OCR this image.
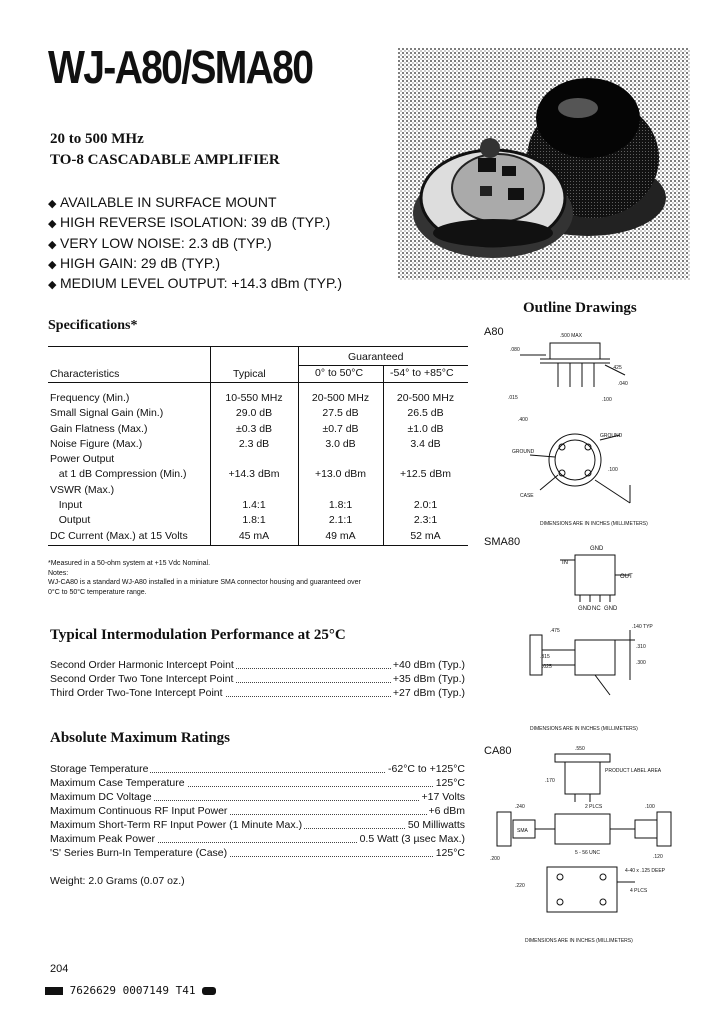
WJ-A80/SMA80
20 to 500 MHz
TO-8 CASCADABLE AMPLIFIER
◆ AVAILABLE IN SURFACE MOUNT
◆ HIGH REVERSE ISOLATION: 39 dB (TYP.)
◆ VERY LOW NOISE: 2.3 dB (TYP.)
◆ HIGH GAIN: 29 dB (TYP.)
◆ MEDIUM LEVEL OUTPUT: +14.3 dBm (TYP.)
Specifications*
Guaranteed
Characteristics	Typical	0° to 50°C	-54° to +85°C
Frequency (Min.)	10-550 MHz	20-500 MHz	20-500 MHz
Small Signal Gain (Min.)	29.0 dB	27.5 dB	26.5 dB
Gain Flatness (Max.)	±0.3 dB	±0.7 dB	±1.0 dB
Noise Figure (Max.)	2.3 dB	3.0 dB	3.4 dB
Power Output			
at 1 dB Compression (Min.)	+14.3 dBm	+13.0 dBm	+12.5 dBm
VSWR (Max.)			
Input	1.4:1	1.8:1	2.0:1
Output	1.8:1	2.1:1	2.3:1
DC Current (Max.) at 15 Volts	45 mA	49 mA	52 mA
*Measured in a 50-ohm system at +15 Vdc Nominal.
Notes:
WJ-CA80 is a standard WJ-A80 installed in a miniature SMA connector housing and guaranteed over
0°C to 50°C temperature range.
Typical Intermodulation Performance at 25°C
Second Order Harmonic Intercept Point	+40 dBm (Typ.)
Second Order Two Tone Intercept Point	+35 dBm (Typ.)
Third Order Two-Tone Intercept Point	+27 dBm (Typ.)
Absolute Maximum Ratings
Storage Temperature	-62°C to +125°C
Maximum Case Temperature	125°C
Maximum DC Voltage	+17 Volts
Maximum Continuous RF Input Power	+6 dBm
Maximum Short-Term RF Input Power (1 Minute Max.)	50 Milliwatts
Maximum Peak Power	0.5 Watt (3 µsec Max.)
'S' Series Burn-In Temperature (Case)	125°C
Weight: 2.0 Grams (0.07 oz.)
Outline Drawings
A80	.500 MAX
.080
.425
.040
.015	.100
.400
GROUND
GROUND
.100
CASE
DIMENSIONS ARE IN INCHES (MILLIMETERS)
SMA80
GND
IN
OUT
GND NC GND
.475
.140 TYP
.315
.025
.310
.300
DIMENSIONS ARE IN INCHES (MILLIMETERS)
CA80	.550
PRODUCT LABEL AREA
.170
.240
SMA
2 PLCS	.100
5 - 56 UNC
.200	.120
.220
4-40 x .125 DEEP
4 PLCS
DIMENSIONS ARE IN INCHES (MILLIMETERS)
204
7626629 0007149 T41
